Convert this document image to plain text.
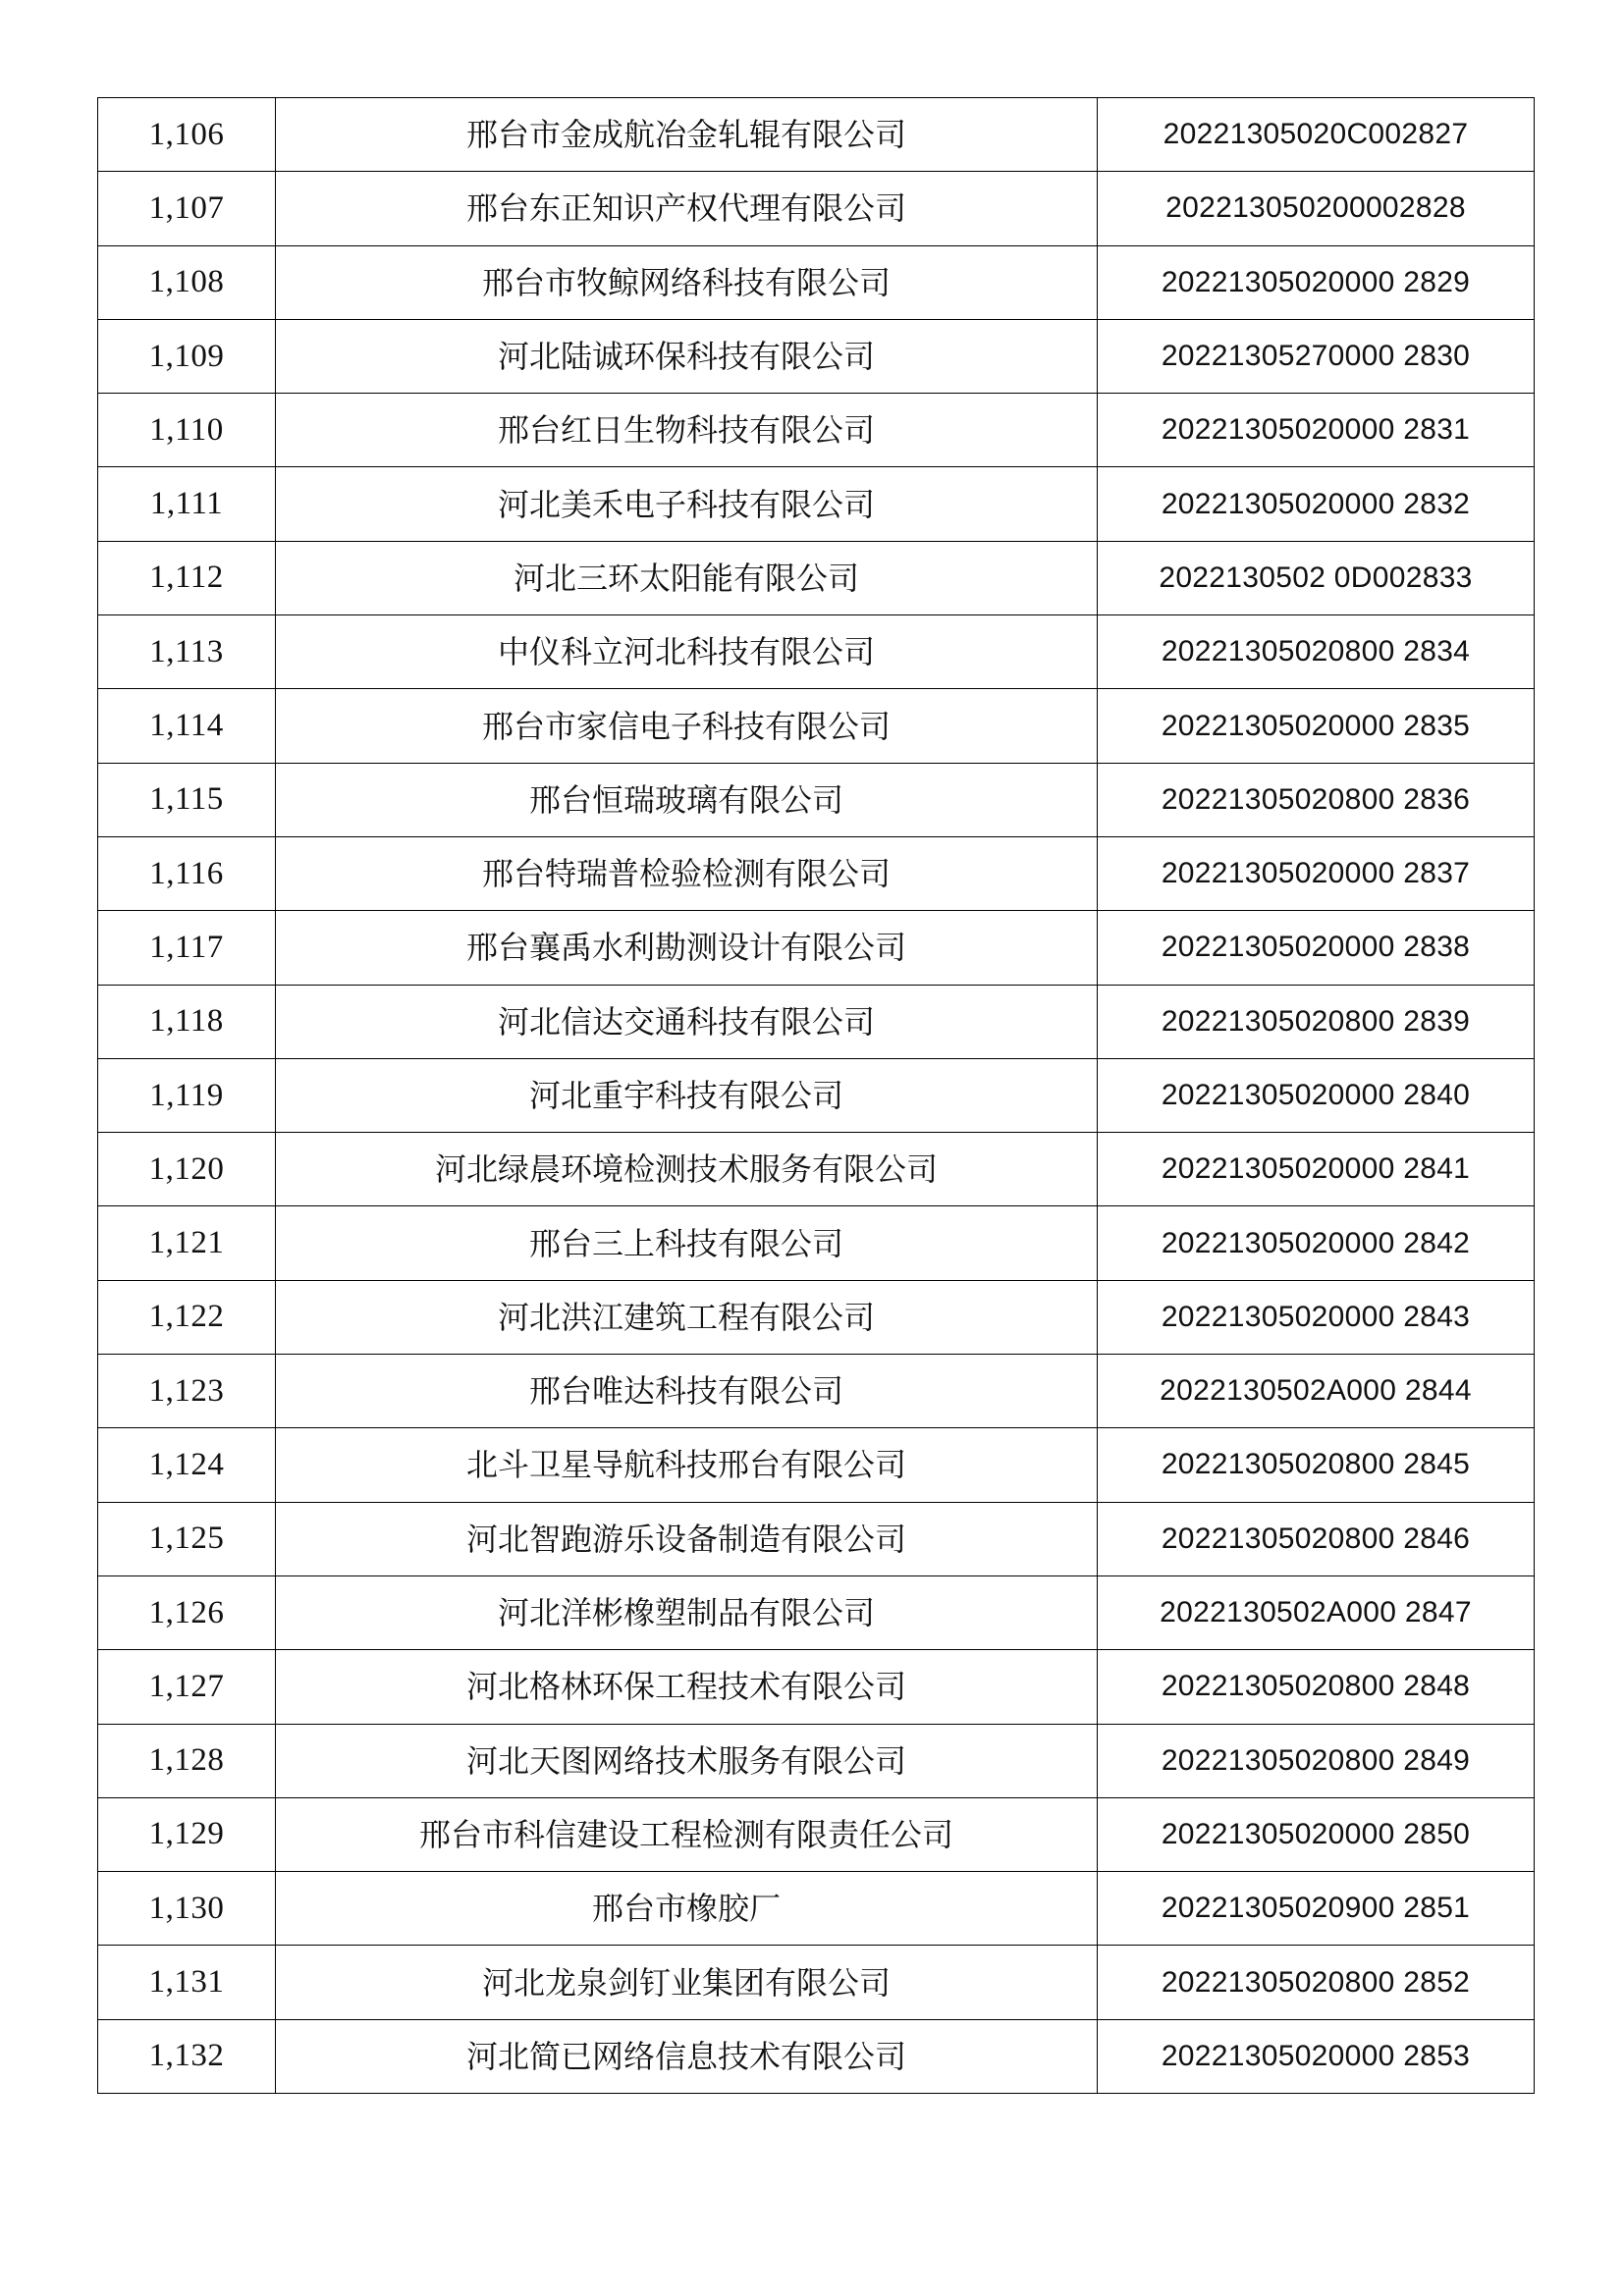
1,106	邢台市金成航冶金轧辊有限公司	20221305020C002827
1,107	邢台东正知识产权代理有限公司	202213050200002828
1,108	邢台市牧鲸网络科技有限公司	20221305020000 2829
1,109	河北陆诚环保科技有限公司	20221305270000 2830
1,110	邢台红日生物科技有限公司	20221305020000 2831
1,111	河北美禾电子科技有限公司	20221305020000 2832
1,112	河北三环太阳能有限公司	2022130502 0D002833
1,113	中仪科立河北科技有限公司	20221305020800 2834
1,114	邢台市家信电子科技有限公司	20221305020000 2835
1,115	邢台恒瑞玻璃有限公司	20221305020800 2836
1,116	邢台特瑞普检验检测有限公司	20221305020000 2837
1,117	邢台襄禹水利勘测设计有限公司	20221305020000 2838
1,118	河北信达交通科技有限公司	20221305020800 2839
1,119	河北重宇科技有限公司	20221305020000 2840
1,120	河北绿晨环境检测技术服务有限公司	20221305020000 2841
1,121	邢台三上科技有限公司	20221305020000 2842
1,122	河北洪江建筑工程有限公司	20221305020000 2843
1,123	邢台唯达科技有限公司	2022130502A000 2844
1,124	北斗卫星导航科技邢台有限公司	20221305020800 2845
1,125	河北智跑游乐设备制造有限公司	20221305020800 2846
1,126	河北洋彬橡塑制品有限公司	2022130502A000 2847
1,127	河北格林环保工程技术有限公司	20221305020800 2848
1,128	河北天图网络技术服务有限公司	20221305020800 2849
1,129	邢台市科信建设工程检测有限责任公司	20221305020000 2850
1,130	邢台市橡胶厂	20221305020900 2851
1,131	河北龙泉剑钉业集团有限公司	20221305020800 2852
1,132	河北简已网络信息技术有限公司	20221305020000 2853
